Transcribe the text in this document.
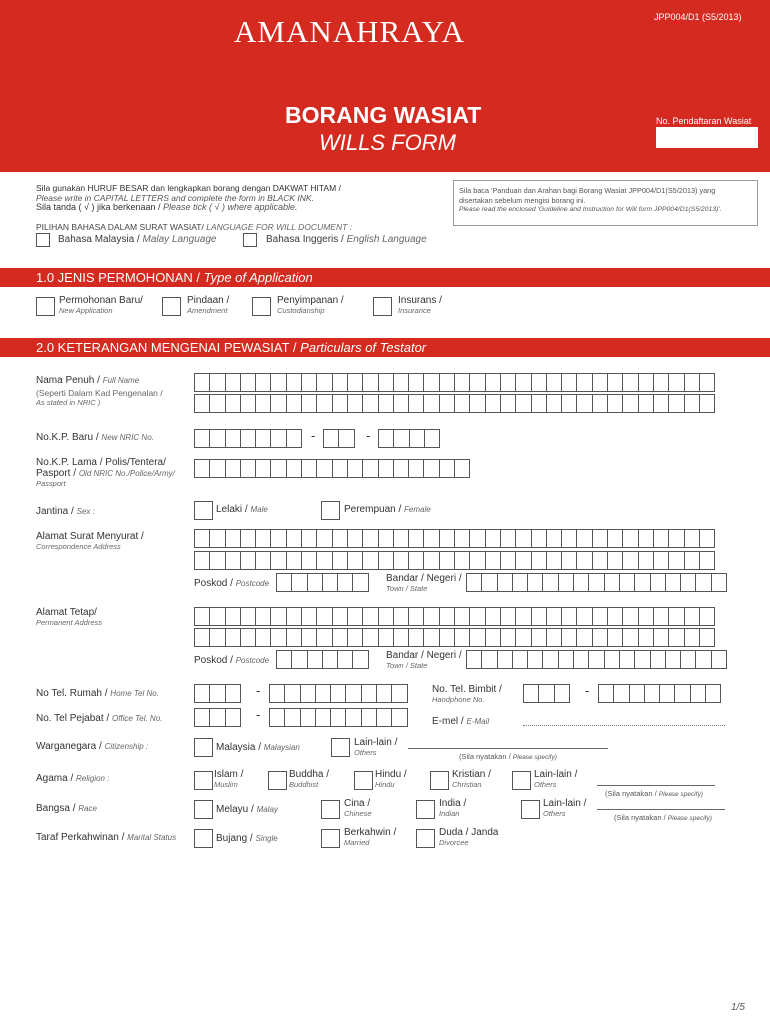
AMANAHRAYA	JPP004/D1 (S5/2013)
BORANG WASIAT
WILLS FORM
No. Pendaftaran Wasiat
Sila gunakan HURUF BESAR dan lengkapkan borang dengan DAKWAT HITAM /
Please write in CAPITAL LETTERS and complete the form in BLACK INK.
Sila tanda ( √ ) jika berkenaan / Please tick ( √ ) where applicable.
Sila baca 'Panduan dan Arahan bagi Borang Wasiat JPP004/D1(S5/2013) yang
disertakan sebelum mengisi borang ini.
Please read the enclosed 'Guideline and Instruction for Will form JPP004/D1(S5/2013)'.
PILIHAN BAHASA DALAM SURAT WASIAT/ LANGUAGE FOR WILL DOCUMENT :
Bahasa Malaysia / Malay Language	Bahasa Inggeris / English Language
1.0 JENIS PERMOHONAN / Type of Application
Permohonan Baru/
New Application
Pindaan /
Amendment
Penyimpanan /
Custodianship
Insurans /
Insurance
2.0 KETERANGAN MENGENAI PEWASIAT / Particulars of Testator
Nama Penuh / Full Name
(Seperti Dalam Kad Pengenalan /
As stated in NRIC )
No.K.P. Baru / New NRIC No.	-	-
No.K.P. Lama / Polis/Tentera/
Pasport / Old NRIC No./Police/Army/
Passport
Jantina / Sex :	Lelaki / Male	Perempuan / Female
Alamat Surat Menyurat /
Correspondence Address
Poskod / Postcode	Bandar / Negeri /
Town / State
Alamat Tetap/
Permanent Address
Poskod / Postcode	Bandar / Negeri /
Town / State
No Tel. Rumah / Home Tel No.	-	No. Tel. Bimbit /
Handphone No.
-
No. Tel Pejabat / Office Tel. No.	-	E-mel / E-Mail
Warganegara / Citizenship :	Malaysia / Malaysian	Lain-lain /
Others	(Sila nyatakan / Please specify)
Agama / Religion :	Islam /
Muslim
Buddha /
Buddhist
Hindu /
Hindu
Kristian /
Christian
Lain-lain /
Others
(Sila nyatakan / Please specify)
Bangsa / Race	Melayu / Malay
Cina /
Chinese
India /
Indian
Lain-lain /
Others	(Sila nyatakan / Please specify)
Taraf Perkahwinan / Marital Status	Bujang / Single
Berkahwin /
Married
Duda / Janda
Divorcee
1/5
